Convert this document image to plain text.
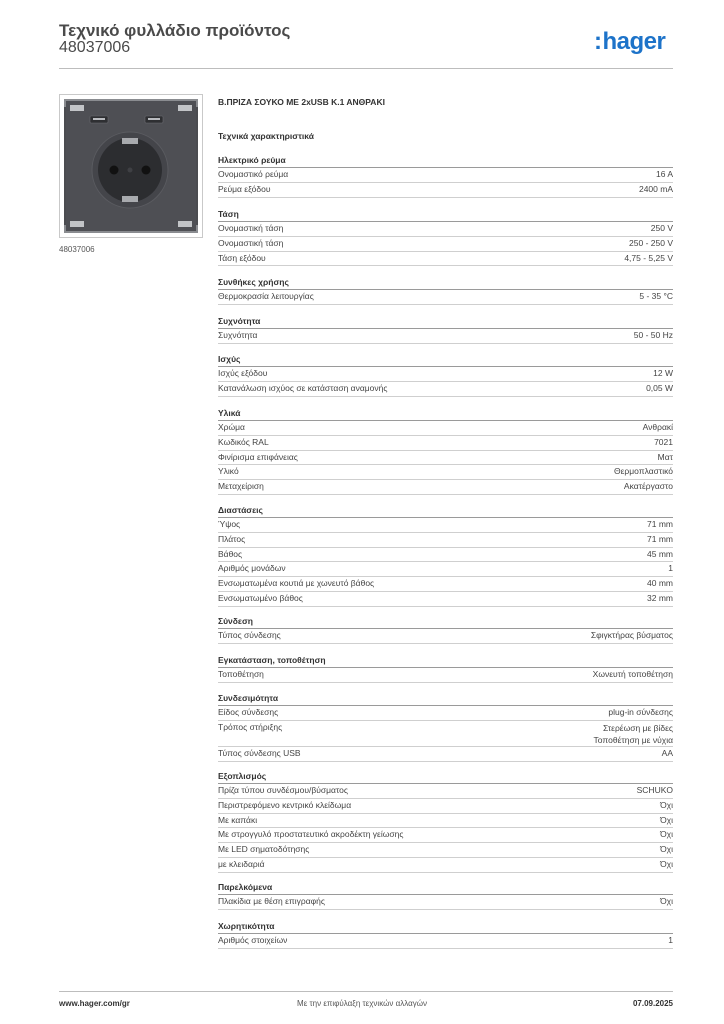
Τεχνικό φυλλάδιο προϊόντος
48037006	:hager
48037006
Β.ΠΡΙΖΑ ΣΟΥΚΟ ΜΕ 2xUSB Κ.1 ΑΝΘΡΑΚΙ
Τεχνικά χαρακτηριστικά
Ηλεκτρικό ρεύμα
Ονομαστικό ρεύμα	16 A
Ρεύμα εξόδου	2400 mA
Τάση
Ονομαστική τάση	250 V
Ονομαστική τάση	250 - 250 V
Τάση εξόδου	4,75 - 5,25 V
Συνθήκες χρήσης
Θερμοκρασία λειτουργίας	5 - 35 °C
Συχνότητα
Συχνότητα	50 - 50 Hz
Ισχύς
Ισχύς εξόδου	12 W
Κατανάλωση ισχύος σε κατάσταση αναμονής	0,05 W
Υλικά
Χρώμα	Ανθρακί
Κωδικός RAL	7021
Φινίρισμα επιφάνειας	Ματ
Υλικό	Θερμοπλαστικό
Μεταχείριση	Ακατέργαστο
Διαστάσεις
Ύψος	71 mm
Πλάτος	71 mm
Βάθος	45 mm
Αριθμός μονάδων	1
Ενσωματωμένα κουτιά με χωνευτό βάθος	40 mm
Ενσωματωμένο βάθος	32 mm
Σύνδεση
Τύπος σύνδεσης	Σφιγκτήρας βύσματος
Εγκατάσταση, τοποθέτηση
Τοποθέτηση	Χωνευτή τοποθέτηση
Συνδεσιμότητα
Είδος σύνδεσης	plug-in σύνδεσης
Τρόπος στήριξης	Στερέωση με βίδες
Τοποθέτηση με νύχια
Τύπος σύνδεσης USB	AA
Εξοπλισμός
Πρίζα τύπου συνδέσμου/βύσματος	SCHUKO
Περιστρεφόμενο κεντρικό κλείδωμα	Όχι
Με καπάκι	Όχι
Με στρογγυλό προστατευτικό ακροδέκτη γείωσης	Όχι
Με LED σηματοδότησης	Όχι
με κλειδαριά	Όχι
Παρελκόμενα
Πλακίδια με θέση επιγραφής	Όχι
Χωρητικότητα
Αριθμός στοιχείων	1
www.hager.com/gr	Με την επιφύλαξη τεχνικών αλλαγών	07.09.2025
